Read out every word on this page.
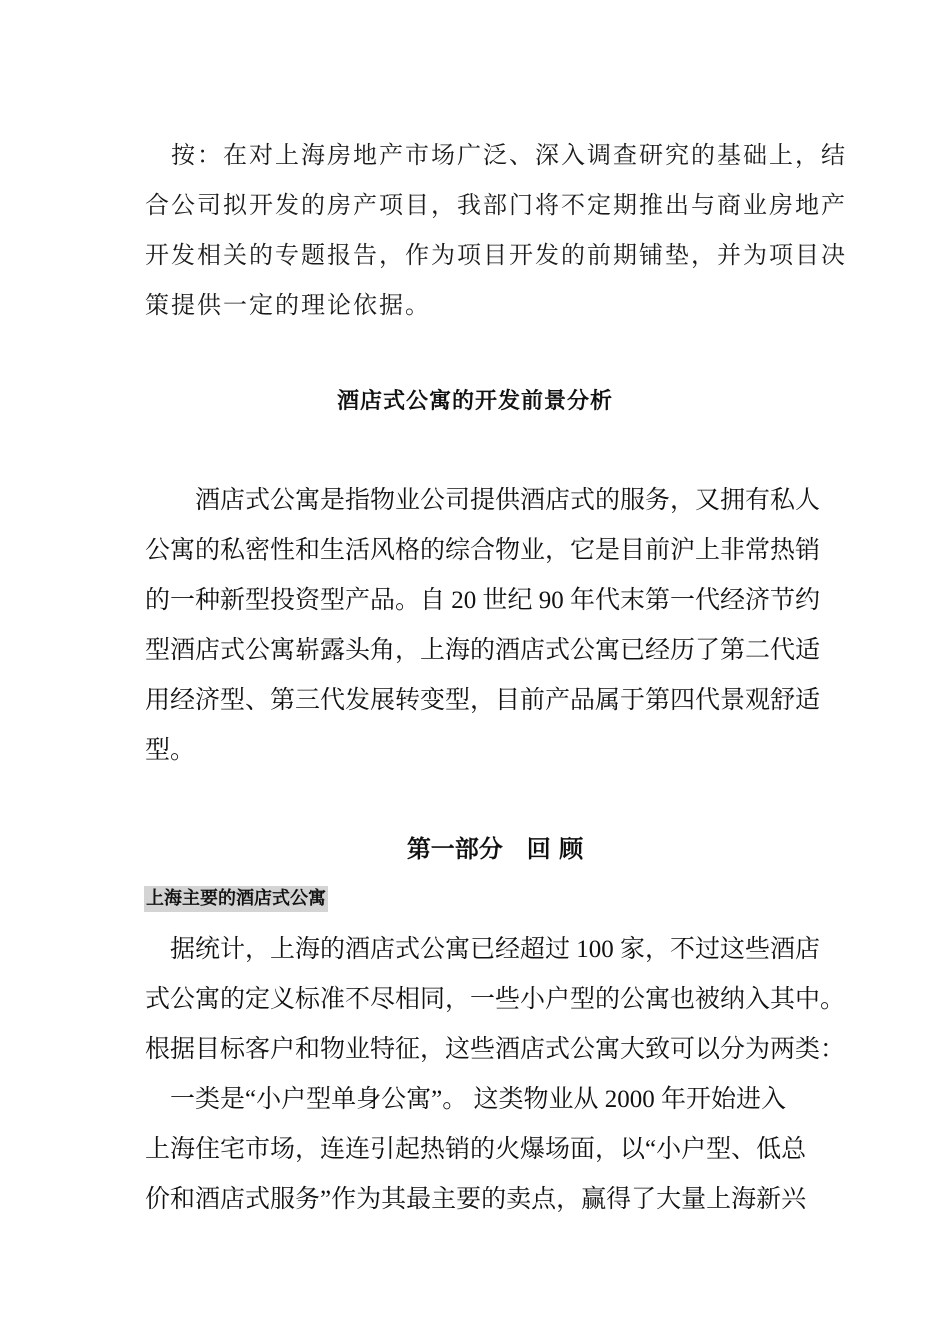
　按：在对上海房地产市场广泛、深入调查研究的基础上，结
合公司拟开发的房产项目，我部门将不定期推出与商业房地产
开发相关的专题报告，作为项目开发的前期铺垫，并为项目决
策提供一定的理论依据。
酒店式公寓的开发前景分析
　　酒店式公寓是指物业公司提供酒店式的服务，又拥有私人
公寓的私密性和生活风格的综合物业，它是目前沪上非常热销
的一种新型投资型产品。自 20 世纪 90 年代末第一代经济节约
型酒店式公寓崭露头角，上海的酒店式公寓已经历了第二代适
用经济型、第三代发展转变型，目前产品属于第四代景观舒适
型。
第一部分　回 顾
上海主要的酒店式公寓
　据统计，上海的酒店式公寓已经超过 100 家，不过这些酒店
式公寓的定义标准不尽相同，一些小户型的公寓也被纳入其中。
根据目标客户和物业特征，这些酒店式公寓大致可以分为两类：
　一类是“小户型单身公寓”。 这类物业从 2000 年开始进入
上海住宅市场，连连引起热销的火爆场面，以“小户型、低总
价和酒店式服务”作为其最主要的卖点，赢得了大量上海新兴
